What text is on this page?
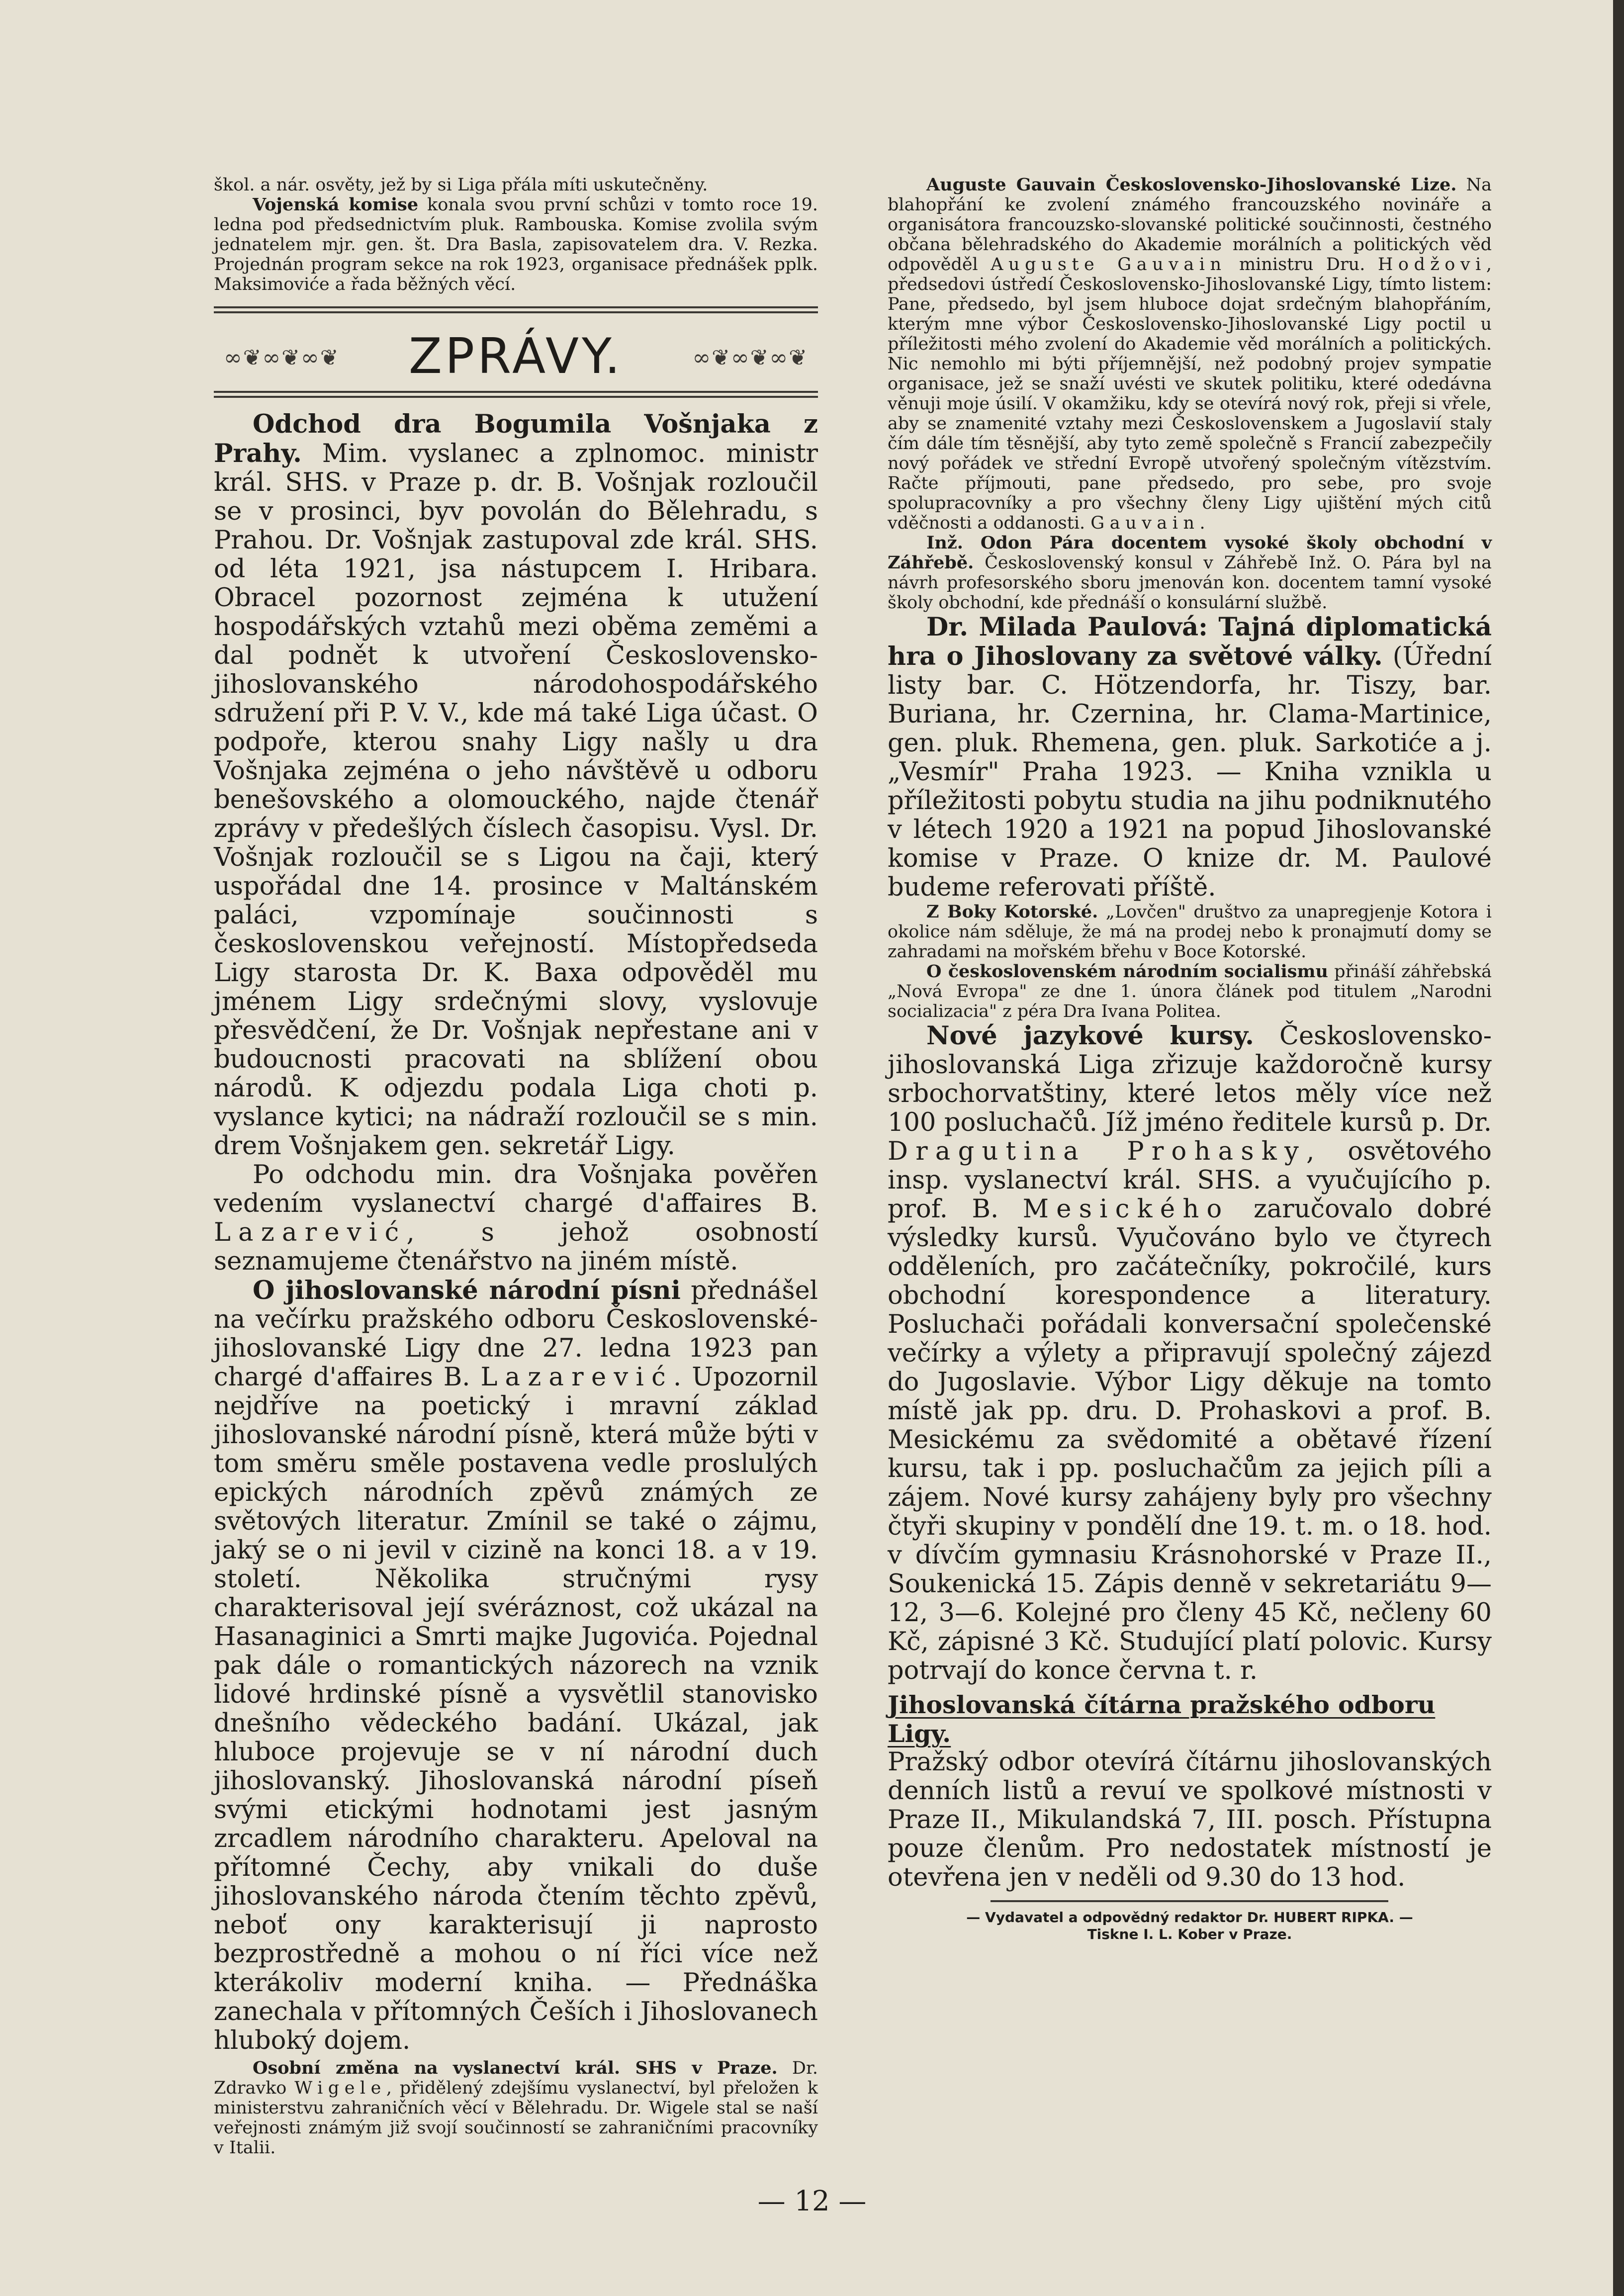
škol. a nár. osvěty, jež by si Liga přála míti uskutečněny.

Vojenská komise konala svou první schůzi v tomto roce 19. ledna pod předsednictvím pluk. Rambouska. Komise zvolila svým jednatelem mjr. gen. št. Dra Basla, zapisovatelem dra. V. Rezka. Projednán program sekce na rok 1923, organisace přednášek pplk. Maksimoviće a řada běžných věcí.

∞❦∞❦∞❦	ZPRÁVY.	∞❦∞❦∞❦

Odchod dra Bogumila Vošnjaka z Prahy. Mim. vyslanec a zplnomoc. ministr král. SHS. v Praze p. dr. B. Vošnjak rozloučil se v prosinci, byv povolán do Bělehradu, s Prahou. Dr. Vošnjak zastupoval zde král. SHS. od léta 1921, jsa nástupcem I. Hribara. Obracel pozornost zejména k utužení hospodářských vztahů mezi oběma zeměmi a dal podnět k utvoření Československo-jihoslovanského národohospodářského sdružení při P. V. V., kde má také Liga účast. O podpoře, kterou snahy Ligy našly u dra Vošnjaka zejména o jeho návštěvě u odboru benešovského a olomouckého, najde čtenář zprávy v předešlých číslech časopisu. Vysl. Dr. Vošnjak rozloučil se s Ligou na čaji, který uspořádal dne 14. prosince v Maltánském paláci, vzpomínaje součinnosti s československou veřejností. Místopředseda Ligy starosta Dr. K. Baxa odpověděl mu jménem Ligy srdečnými slovy, vyslovuje přesvědčení, že Dr. Vošnjak nepřestane ani v budoucnosti pracovati na sblížení obou národů. K odjezdu podala Liga choti p. vyslance kytici; na nádraží rozloučil se s min. drem Vošnjakem gen. sekretář Ligy.

Po odchodu min. dra Vošnjaka pověřen vedením vyslanectví chargé d'affaires B. Lazarević, s jehož osobností seznamujeme čtenářstvo na jiném místě.

O jihoslovanské národní písni přednášel na večírku pražského odboru Československé-jihoslovanské Ligy dne 27. ledna 1923 pan chargé d'affaires B. Lazarević. Upozornil nejdříve na poetický i mravní základ jihoslovanské národní písně, která může býti v tom směru směle postavena vedle proslulých epických národních zpěvů známých ze světových literatur. Zmínil se také o zájmu, jaký se o ni jevil v cizině na konci 18. a v 19. století. Několika stručnými rysy charakterisoval její svéráznost, což ukázal na Hasanaginici a Smrti majke Jugovića. Pojednal pak dále o romantických názorech na vznik lidové hrdinské písně a vysvětlil stanovisko dnešního vědeckého badání. Ukázal, jak hluboce projevuje se v ní národní duch jihoslovanský. Jihoslovanská národní píseň svými etickými hodnotami jest jasným zrcadlem národního charakteru. Apeloval na přítomné Čechy, aby vnikali do duše jihoslovanského národa čtením těchto zpěvů, neboť ony karakterisují ji naprosto bezprostředně a mohou o ní říci více než kterákoliv moderní kniha. — Přednáška zanechala v přítomných Češích i Jihoslovanech hluboký dojem.

Osobní změna na vyslanectví král. SHS v Praze. Dr. Zdravko Wigele, přidělený zdejšímu vyslanectví, byl přeložen k ministerstvu zahraničních věcí v Bělehradu. Dr. Wigele stal se naší veřejnosti známým již svojí součinností se zahraničními pracovníky v Italii.

Auguste Gauvain Československo-Jihoslovanské Lize. Na blahopřání ke zvolení známého francouzského novináře a organisátora francouzsko-slovanské politické součinnosti, čestného občana bělehradského do Akademie morálních a politických věd odpověděl Auguste Gauvain ministru Dru. Hodžovi, předsedovi ústředí Československo-Jihoslovanské Ligy, tímto listem: Pane, předsedo, byl jsem hluboce dojat srdečným blahopřáním, kterým mne výbor Československo-Jihoslovanské Ligy poctil u příležitosti mého zvolení do Akademie věd morálních a politických. Nic nemohlo mi býti příjemnější, než podobný projev sympatie organisace, jež se snaží uvésti ve skutek politiku, které odedávna věnuji moje úsilí. V okamžiku, kdy se otevírá nový rok, přeji si vřele, aby se znamenité vztahy mezi Československem a Jugoslavií staly čím dále tím těsnější, aby tyto země společně s Francií zabezpečily nový pořádek ve střední Evropě utvořený společným vítězstvím. Račte příjmouti, pane předsedo, pro sebe, pro svoje spolupracovníky a pro všechny členy Ligy ujištění mých citů vděčnosti a oddanosti. Gauvain.

Inž. Odon Pára docentem vysoké školy obchodní v Záhřebě. Československý konsul v Záhřebě Inž. O. Pára byl na návrh profesorského sboru jmenován kon. docentem tamní vysoké školy obchodní, kde přednáší o konsulární službě.

Dr. Milada Paulová: Tajná diplomatická hra o Jihoslovany za světové války. (Úřední listy bar. C. Hötzendorfa, hr. Tiszy, bar. Buriana, hr. Czernina, hr. Clama-Martinice, gen. pluk. Rhemena, gen. pluk. Sarkotiće a j. „Vesmír" Praha 1923. — Kniha vznikla u příležitosti pobytu studia na jihu podniknutého v létech 1920 a 1921 na popud Jihoslovanské komise v Praze. O knize dr. M. Paulové budeme referovati příště.

Z Boky Kotorské. „Lovčen" društvo za unapregjenje Kotora i okolice nám sděluje, že má na prodej nebo k pronajmutí domy se zahradami na mořském břehu v Boce Kotorské.

O československém národním socialismu přináší záhřebská „Nová Evropa" ze dne 1. února článek pod titulem „Narodni socializacia" z péra Dra Ivana Politea.

Nové jazykové kursy. Československo-jihoslovanská Liga zřizuje každoročně kursy srbochorvatštiny, které letos měly více než 100 posluchačů. Jíž jméno ředitele kursů p. Dr. Dragutina Prohasky, osvětového insp. vyslanectví král. SHS. a vyučujícího p. prof. B. Mesického zaručovalo dobré výsledky kursů. Vyučováno bylo ve čtyrech odděleních, pro začátečníky, pokročilé, kurs obchodní korespondence a literatury. Posluchači pořádali konversační společenské večírky a výlety a připravují společný zájezd do Jugoslavie. Výbor Ligy děkuje na tomto místě jak pp. dru. D. Prohaskovi a prof. B. Mesickému za svědomité a obětavé řízení kursu, tak i pp. posluchačům za jejich píli a zájem. Nové kursy zahájeny byly pro všechny čtyři skupiny v pondělí dne 19. t. m. o 18. hod. v dívčím gymnasiu Krásnohorské v Praze II., Soukenická 15. Zápis denně v sekretariátu 9—12, 3—6. Kolejné pro členy 45 Kč, nečleny 60 Kč, zápisné 3 Kč. Studující platí polovic. Kursy potrvají do konce června t. r.

Jihoslovanská čítárna pražského odboru Ligy.

Pražský odbor otevírá čítárnu jihoslovanských denních listů a revuí ve spolkové místnosti v Praze II., Mikulandská 7, III. posch. Přístupna pouze členům. Pro nedostatek místností je otevřena jen v neděli od 9.30 do 13 hod.

— Vydavatel a odpovědný redaktor Dr. HUBERT RIPKA. —
Tiskne I. L. Kober v Praze.
— 12 —
